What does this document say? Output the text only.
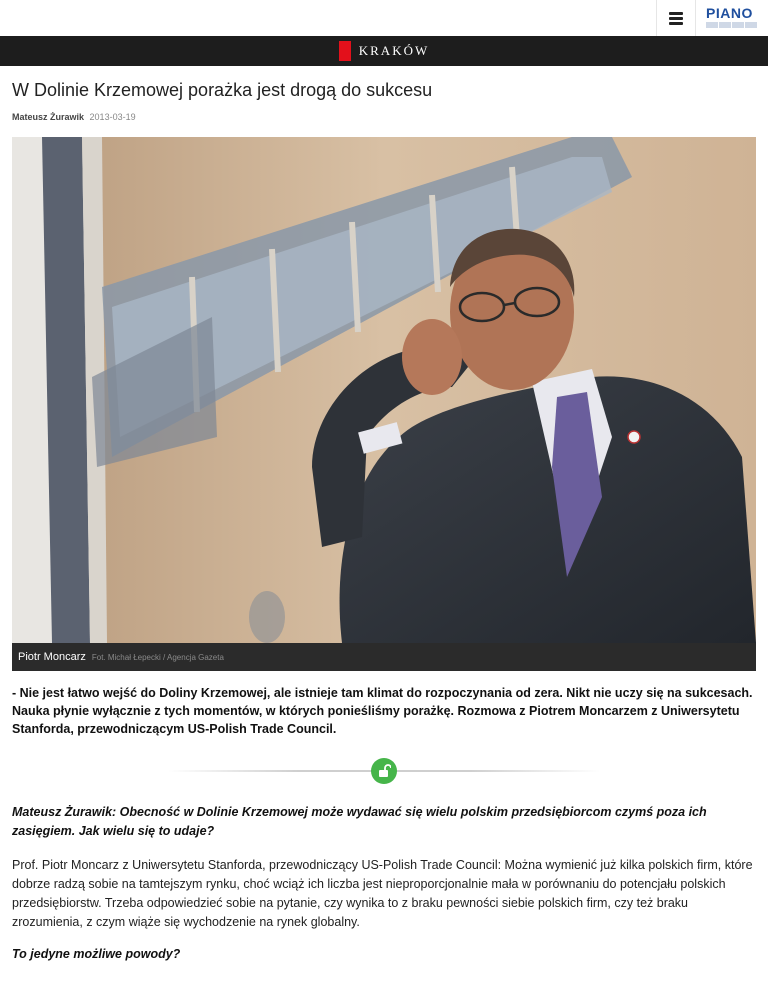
PIANO
KRAKÓW
W Dolinie Krzemowej porażka jest drogą do sukcesu
Mateusz Żurawik 2013-03-19
Piotr Moncarz Fot. Michał Łepecki / Agencja Gazeta

- Nie jest łatwo wejść do Doliny Krzemowej, ale istnieje tam klimat do rozpoczynania od zera. Nikt nie uczy się na sukcesach. Nauka płynie wyłącznie z tych momentów, w których ponieśliśmy porażkę. Rozmowa z Piotrem Moncarzem z Uniwersytetu Stanforda, przewodniczącym US-Polish Trade Council.

Mateusz Żurawik: Obecność w Dolinie Krzemowej może wydawać się wielu polskim przedsiębiorcom czymś poza ich zasięgiem. Jak wielu się to udaje?

Prof. Piotr Moncarz z Uniwersytetu Stanforda, przewodniczący US-Polish Trade Council: Można wymienić już kilka polskich firm, które dobrze radzą sobie na tamtejszym rynku, choć wciąż ich liczba jest nieproporcjonalnie mała w porównaniu do potencjału polskich przedsiębiorstw. Trzeba odpowiedzieć sobie na pytanie, czy wynika to z braku pewności siebie polskich firm, czy też braku zrozumienia, z czym wiąże się wychodzenie na rynek globalny.

To jedyne możliwe powody?
